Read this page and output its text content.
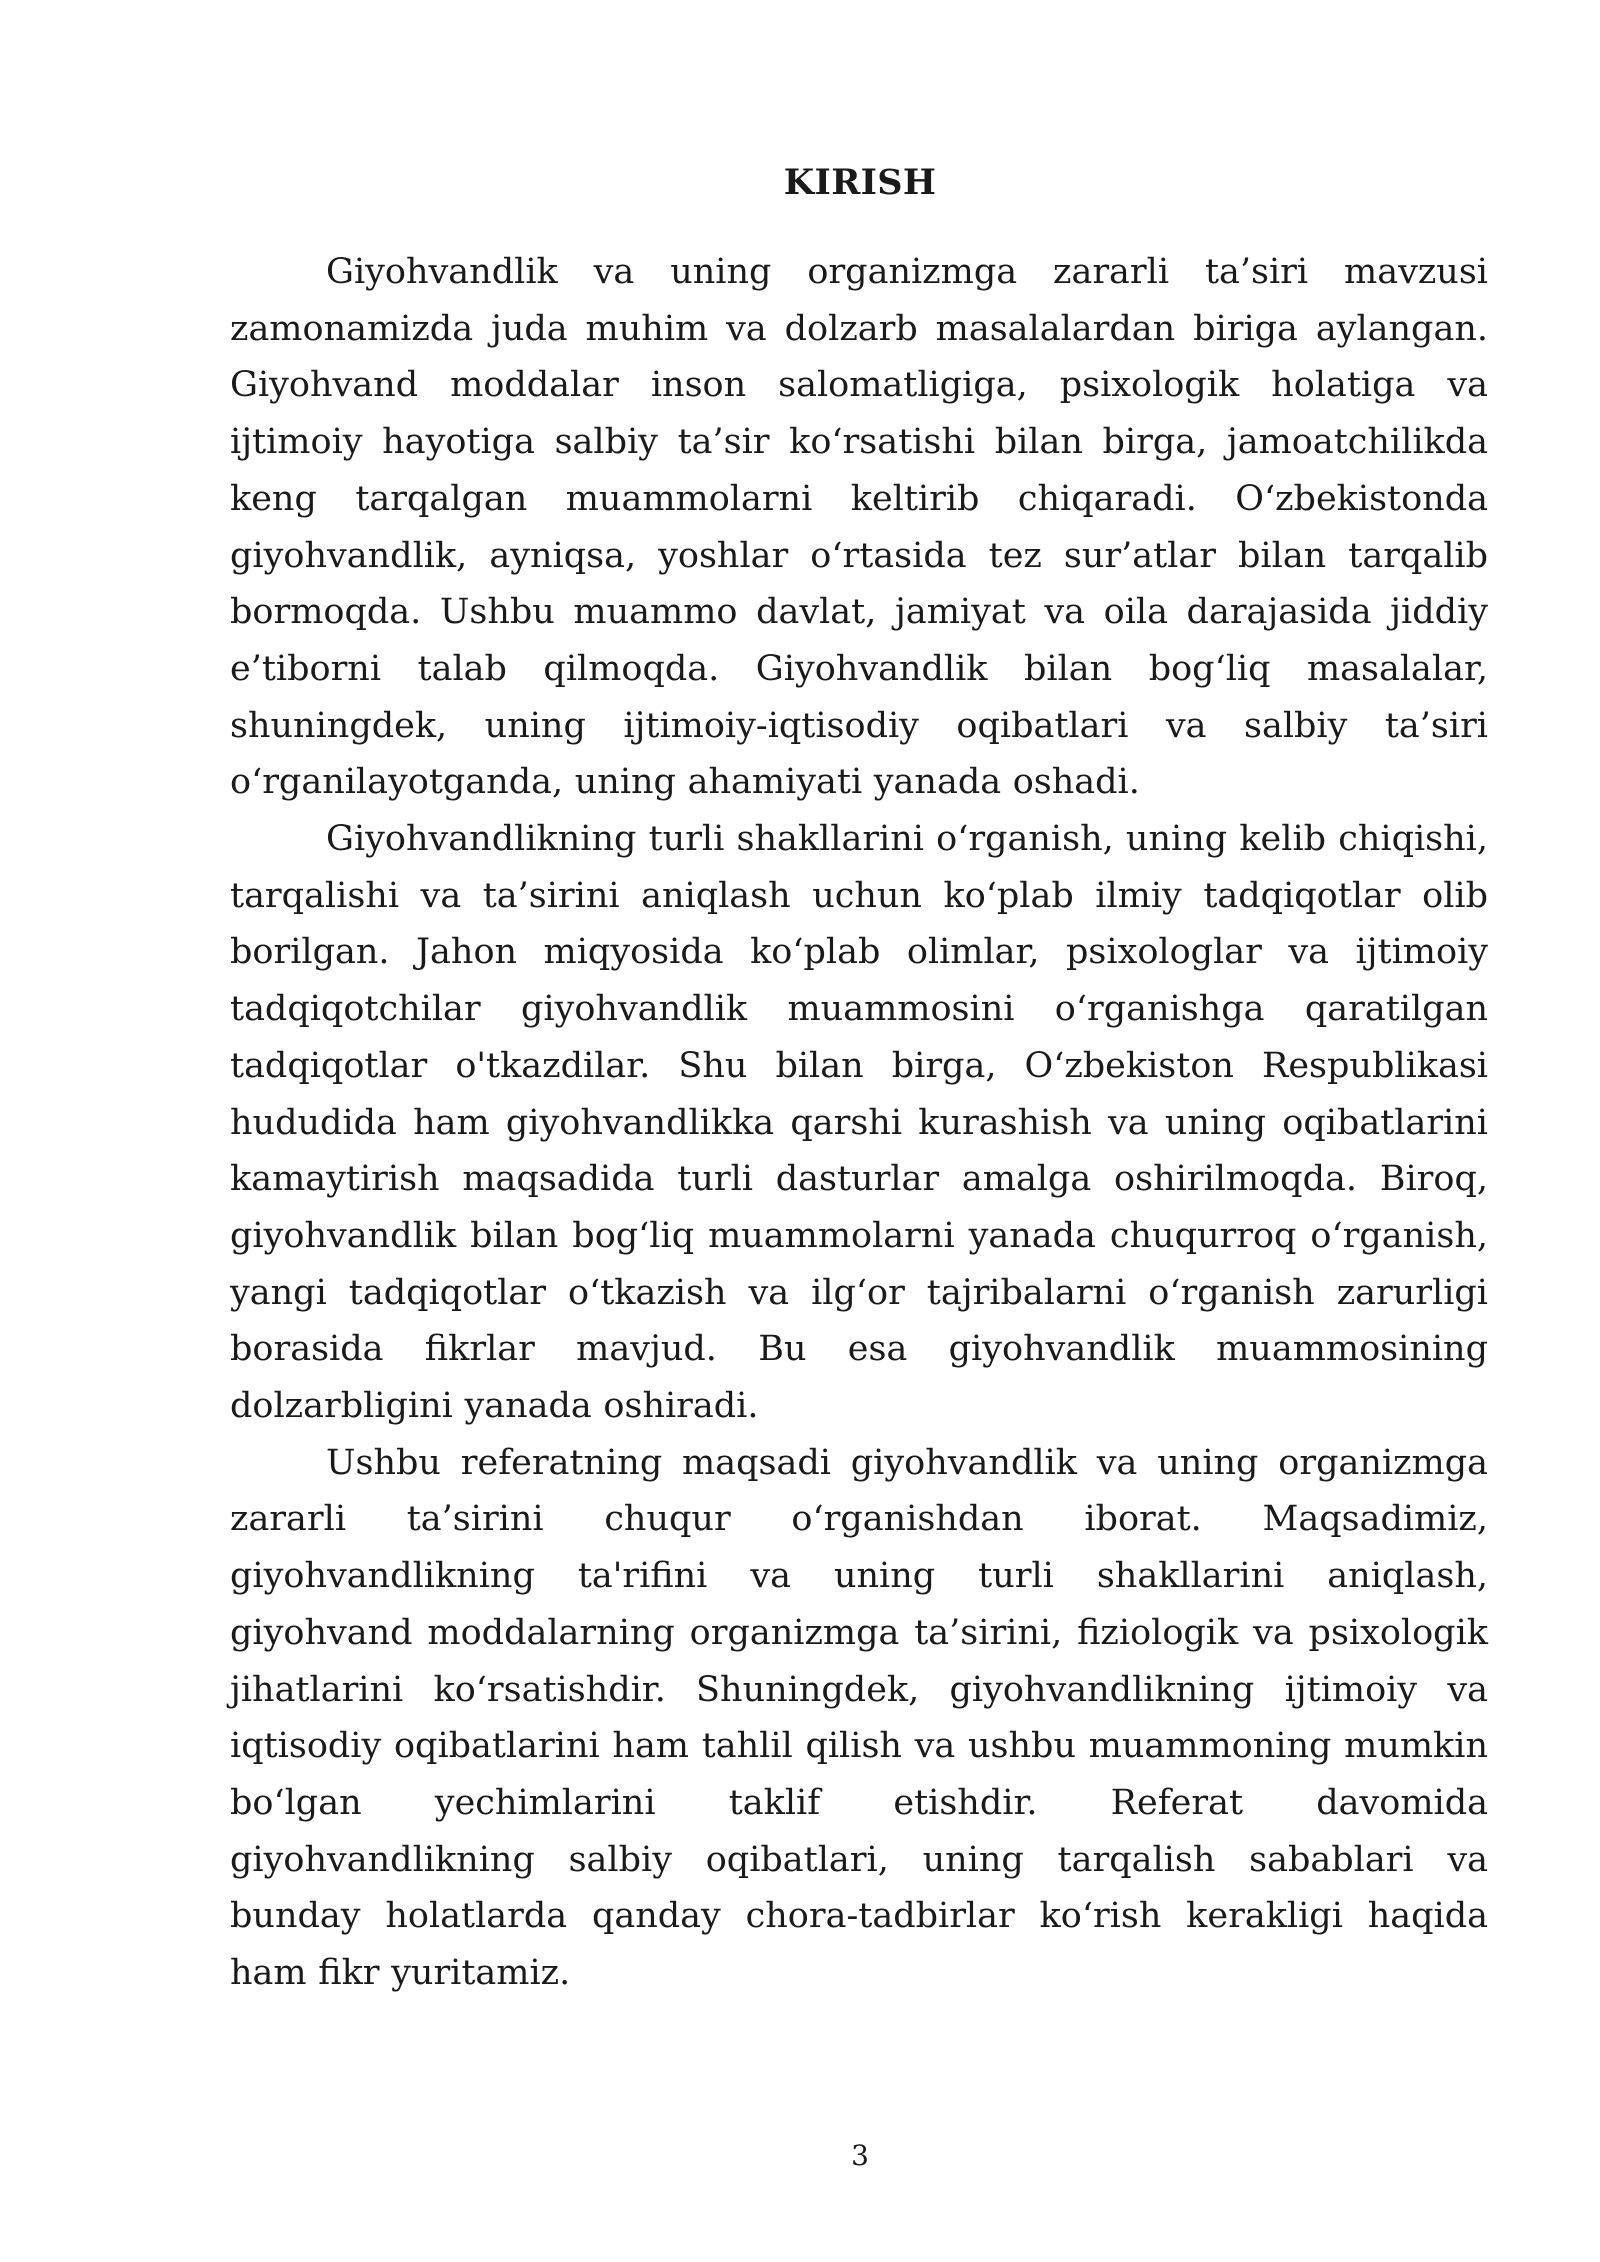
KIRISH

Giyohvandlik va uning organizmga zararli ta’siri mavzusi zamonamizda juda muhim va dolzarb masalalardan biriga aylangan. Giyohvand moddalar inson salomatligiga, psixologik holatiga va ijtimoiy hayotiga salbiy ta’sir ko‘rsatishi bilan birga, jamoatchilikda keng tarqalgan muammolarni keltirib chiqaradi. O‘zbekistonda giyohvandlik, ayniqsa, yoshlar o‘rtasida tez sur’atlar bilan tarqalib bormoqda. Ushbu muammo davlat, jamiyat va oila darajasida jiddiy e’tiborni talab qilmoqda. Giyohvandlik bilan bog‘liq masalalar, shuningdek, uning ijtimoiy-iqtisodiy oqibatlari va salbiy ta’siri o‘rganilayotganda, uning ahamiyati yanada oshadi.

Giyohvandlikning turli shakllarini o‘rganish, uning kelib chiqishi, tarqalishi va ta’sirini aniqlash uchun ko‘plab ilmiy tadqiqotlar olib borilgan. Jahon miqyosida ko‘plab olimlar, psixologlar va ijtimoiy tadqiqotchilar giyohvandlik muammosini o‘rganishga qaratilgan tadqiqotlar o'tkazdilar. Shu bilan birga, O‘zbekiston Respublikasi hududida ham giyohvandlikka qarshi kurashish va uning oqibatlarini kamaytirish maqsadida turli dasturlar amalga oshirilmoqda. Biroq, giyohvandlik bilan bog‘liq muammolarni yanada chuqurroq o‘rganish, yangi tadqiqotlar o‘tkazish va ilg‘or tajribalarni o‘rganish zarurligi borasida fikrlar mavjud. Bu esa giyohvandlik muammosining dolzarbligini yanada oshiradi.

Ushbu referatning maqsadi giyohvandlik va uning organizmga zararli ta’sirini chuqur o‘rganishdan iborat. Maqsadimiz, giyohvandlikning ta'rifini va uning turli shakllarini aniqlash, giyohvand moddalarning organizmga ta’sirini, fiziologik va psixologik jihatlarini ko‘rsatishdir. Shuningdek, giyohvandlikning ijtimoiy va iqtisodiy oqibatlarini ham tahlil qilish va ushbu muammoning mumkin bo‘lgan yechimlarini taklif etishdir. Referat davomida giyohvandlikning salbiy oqibatlari, uning tarqalish sabablari va bunday holatlarda qanday chora-tadbirlar ko‘rish kerakligi haqida ham fikr yuritamiz.

3
